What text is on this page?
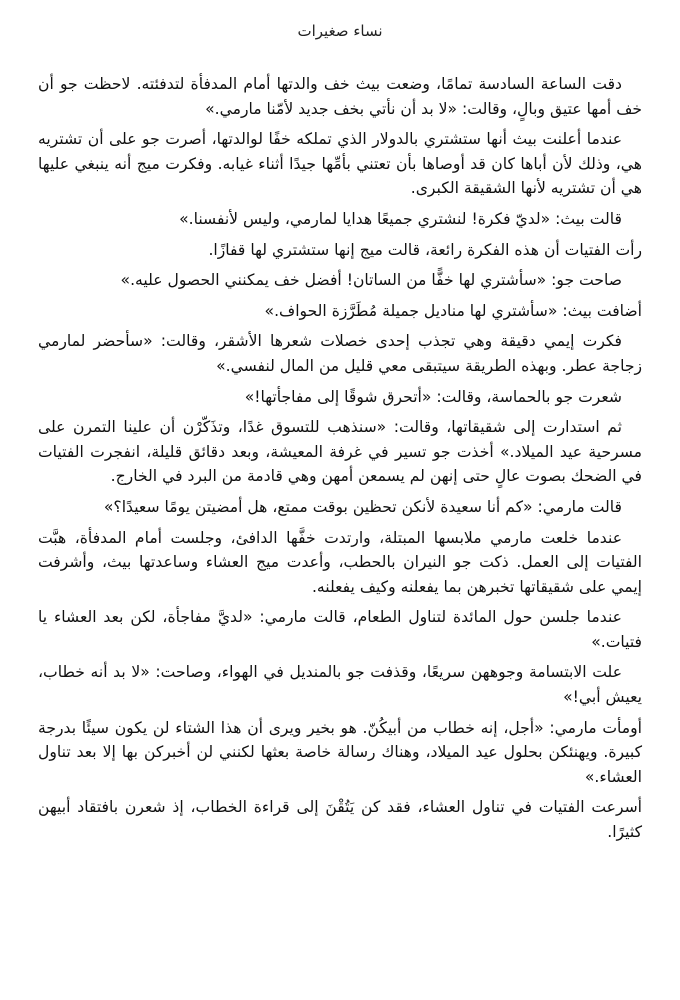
نساء صغيرات

دقت الساعة السادسة تمامًا، وضعت بيث خف والدتها أمام المدفأة لتدفئته. لاحظت جو أن خف أمها عتيق وبالٍ، وقالت: «لا بد أن نأتي بخف جديد لأمّنا مارمي.»

عندما أعلنت بيث أنها ستشتري بالدولار الذي تملكه خفًا لوالدتها، أصرت جو على أن تشتريه هي، وذلك لأن أباها كان قد أوصاها بأن تعتني بأمِّها جيدًا أثناء غيابه. وفكرت ميج أنه ينبغي عليها هي أن تشتريه لأنها الشقيقة الكبرى.

قالت بيث: «لديّ فكرة! لنشتري جميعًا هدايا لمارمي، وليس لأنفسنا.»

رأت الفتيات أن هذه الفكرة رائعة، قالت ميج إنها ستشتري لها قفازًا.

صاحت جو: «سأشتري لها خفًّا من الساتان! أفضل خف يمكنني الحصول عليه.»

أضافت بيث: «سأشتري لها مناديل جميلة مُطَرَّزة الحواف.»

فكرت إيمي دقيقة وهي تجذب إحدى خصلات شعرها الأشقر، وقالت: «سأحضر لمارمي زجاجة عطر. وبهذه الطريقة سيتبقى معي قليل من المال لنفسي.»

شعرت جو بالحماسة، وقالت: «أتحرق شوقًا إلى مفاجأتها!»

ثم استدارت إلى شقيقاتها، وقالت: «سنذهب للتسوق غدًا، وتذَكّرْن أن علينا التمرن على مسرحية عيد الميلاد.» أخذت جو تسير في غرفة المعيشة، وبعد دقائق قليلة، انفجرت الفتيات في الضحك بصوت عالٍ حتى إنهن لم يسمعن أمهن وهي قادمة من البرد في الخارج.

قالت مارمي: «كم أنا سعيدة لأنكن تحظين بوقت ممتع، هل أمضيتن يومًا سعيدًا؟»

عندما خلعت مارمي ملابسها المبتلة، وارتدت خفَّها الدافئ، وجلست أمام المدفأة، هبَّت الفتيات إلى العمل. ذكت جو النيران بالحطب، وأعدت ميج العشاء وساعدتها بيث، وأشرفت إيمي على شقيقاتها تخبرهن بما يفعلنه وكيف يفعلنه.

عندما جلسن حول المائدة لتناول الطعام، قالت مارمي: «لديَّ مفاجأة، لكن بعد العشاء يا فتيات.»

علت الابتسامة وجوههن سريعًا، وقذفت جو بالمنديل في الهواء، وصاحت: «لا بد أنه خطاب، يعيش أبي!»

أومأت مارمي: «أجل، إنه خطاب من أبيكُنّ. هو بخير ويرى أن هذا الشتاء لن يكون سيئًا بدرجة كبيرة. ويهنئكن بحلول عيد الميلاد، وهناك رسالة خاصة بعثها لكنني لن أخبركن بها إلا بعد تناول العشاء.»

أسرعت الفتيات في تناول العشاء، فقد كن يَتُقْنَ إلى قراءة الخطاب، إذ شعرن بافتقاد أبيهن كثيرًا.
